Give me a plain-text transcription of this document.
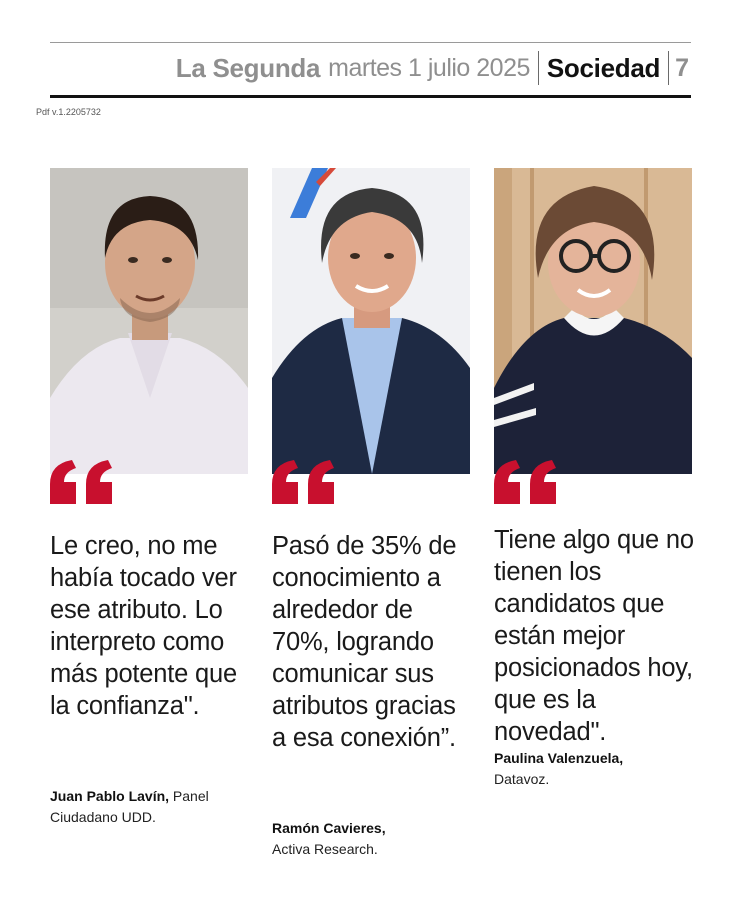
La Segunda martes 1 julio 2025 Sociedad 7
Pdf v.1.2205732
Le creo, no me había tocado ver ese atributo. Lo interpreto como más potente que la confianza".
Juan Pablo Lavín, Panel
Ciudadano UDD.
Pasó de 35% de conocimiento a alrededor de 70%, logrando comunicar sus atributos gracias a esa conexión”.
Ramón Cavieres,
Activa Research.
Tiene algo que no tienen los candidatos que están mejor posicionados hoy, que es la novedad".
Paulina Valenzuela,
Datavoz.
